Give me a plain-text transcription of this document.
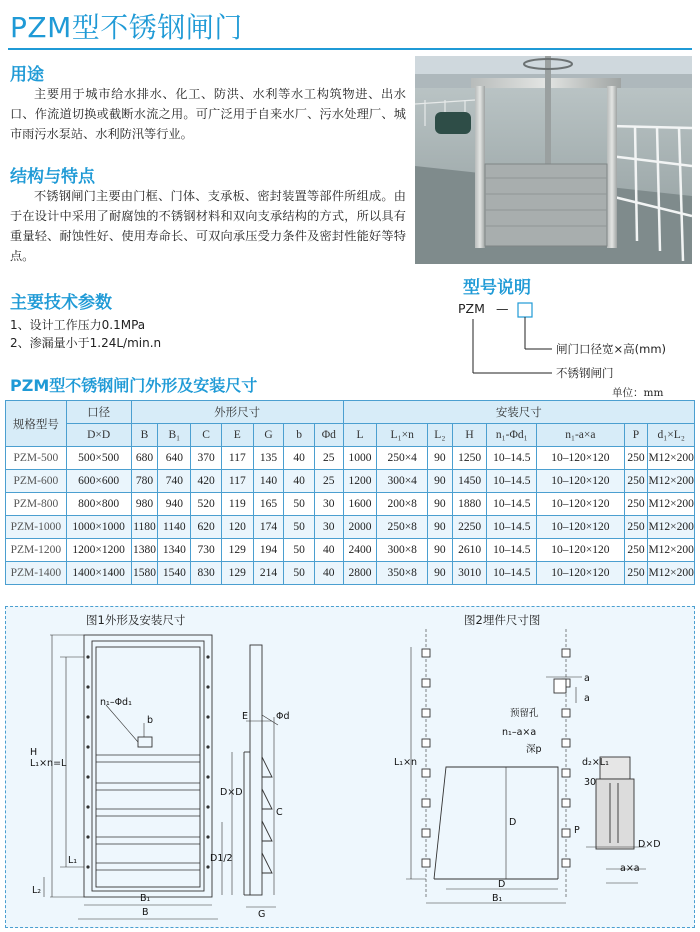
PZM型不锈钢闸门
用途
主要用于城市给水排水、化工、防洪、水利等水工构筑物进、出水口、作流道切换或截断水流之用。可广泛用于自来水厂、污水处理厂、城市雨污水泵站、水利防汛等行业。
结构与特点
不锈钢闸门主要由门框、门体、支承板、密封装置等部件所组成。由于在设计中采用了耐腐蚀的不锈钢材料和双向支承结构的方式，所以具有重量轻、耐蚀性好、使用寿命长、可双向承压受力条件及密封性能好等特点。
型号说明
PZM —
闸门口径宽×高(mm)
不锈钢闸门
主要技术参数
1、设计工作压力0.1MPa
2、渗漏量小于1.24L/min.n
PZM型不锈钢闸门外形及安装尺寸	单位：mm
规格型号	口径	外形尺寸							安装尺寸							
	D×D	B	B₁	C	E	G	b	Φd	L	L₁×n	L₂	H	n₁-Φd₁	n₁-a×a	P	d₁×L₂
PZM-500	500×500	680	640	370	117	135	40	25	1000	250×4	90	1250	10–14.5	10–120×120	250	M12×200
PZM-600	600×600	780	740	420	117	140	40	25	1200	300×4	90	1450	10–14.5	10–120×120	250	M12×200
PZM-800	800×800	980	940	520	119	165	50	30	1600	200×8	90	1880	10–14.5	10–120×120	250	M12×200
PZM-1000	1000×1000	1180	1140	620	120	174	50	30	2000	250×8	90	2250	10–14.5	10–120×120	250	M12×200
PZM-1200	1200×1200	1380	1340	730	129	194	50	40	2400	300×8	90	2610	10–14.5	10–120×120	250	M12×200
PZM-1400	1400×1400	1580	1540	830	129	214	50	40	2800	350×8	90	3010	10–14.5	10–120×120	250	M12×200
图1外形及安装尺寸	图2埋件尺寸图
n₁–Φd₁
b
H L₁×n=L
L₁
L₂
B₁
B
E	Φd
D×D
C
D1/2
G
a
a
预留孔
n₁–a×a
深p
L₁×n
D
D
B₁
d₂×L₁
30
P
D×D
a×a
